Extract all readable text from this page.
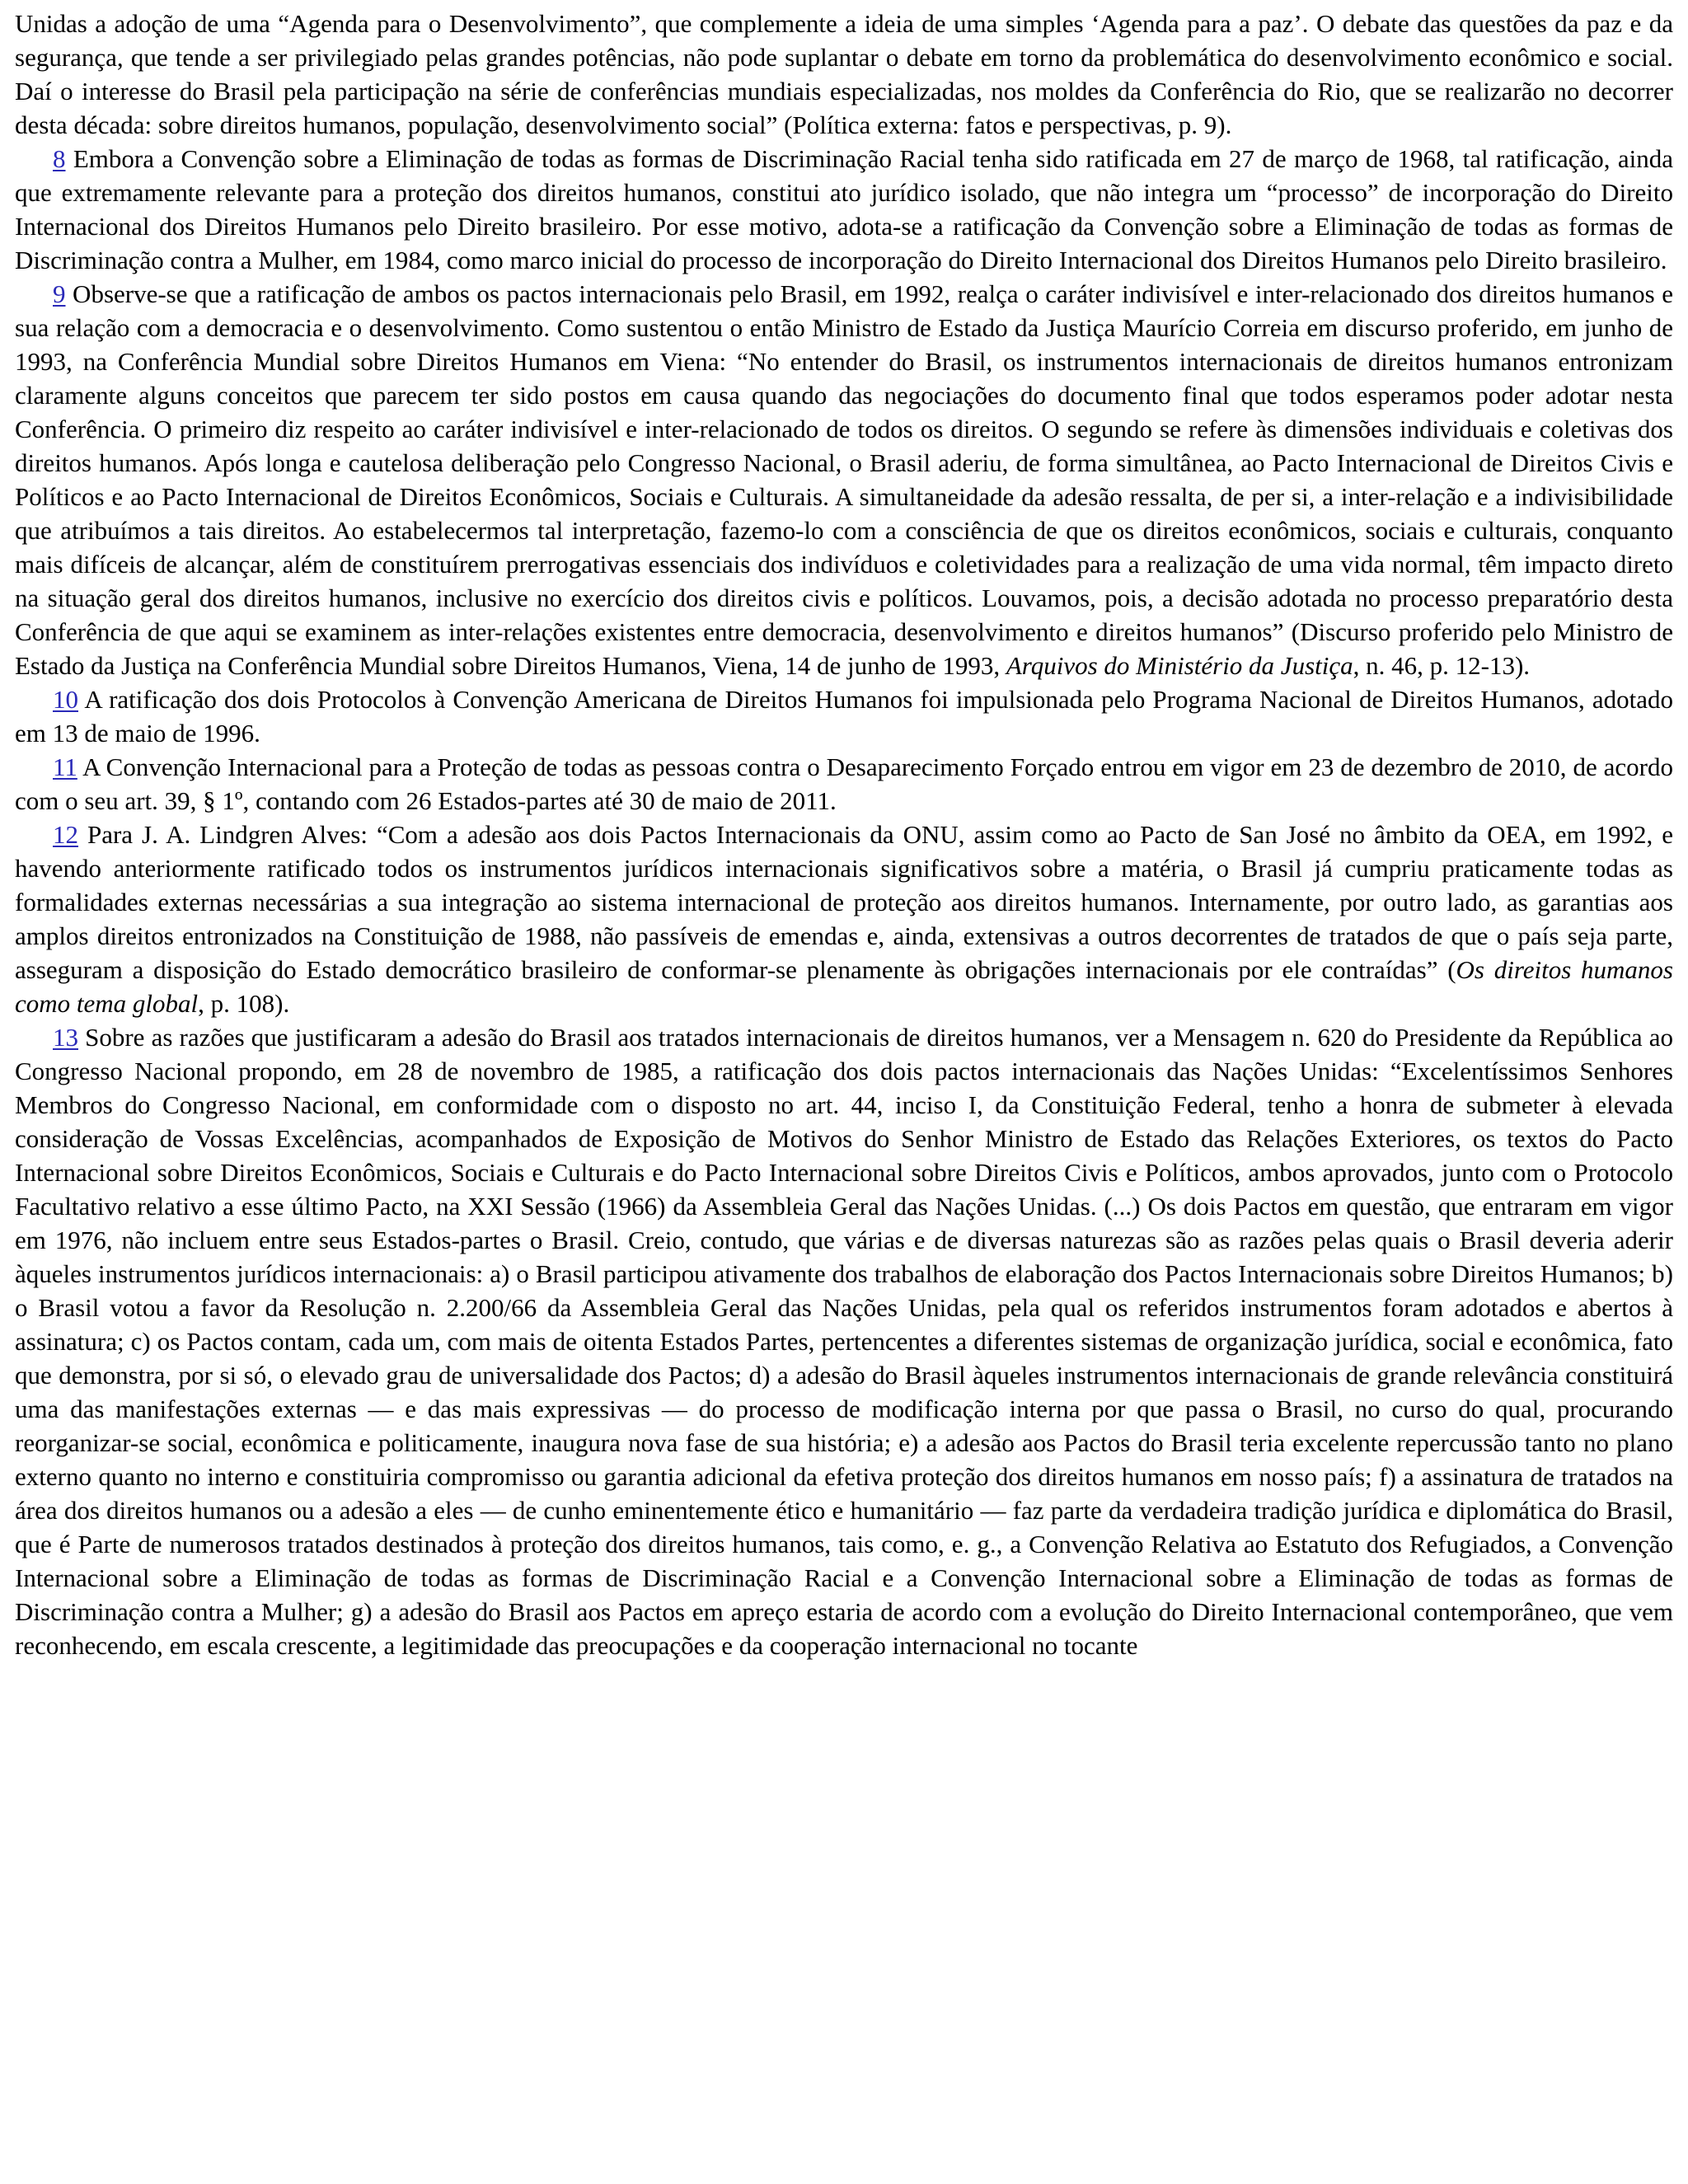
Unidas a adoção de uma “Agenda para o Desenvolvimento”, que complemente a ideia de uma simples ‘Agenda para a paz’. O debate das questões da paz e da segurança, que tende a ser privilegiado pelas grandes potências, não pode suplantar o debate em torno da problemática do desenvolvimento econômico e social. Daí o interesse do Brasil pela participação na série de conferências mundiais especializadas, nos moldes da Conferência do Rio, que se realizarão no decorrer desta década: sobre direitos humanos, população, desenvolvimento social” (Política externa: fatos e perspectivas, p. 9).

8 Embora a Convenção sobre a Eliminação de todas as formas de Discriminação Racial tenha sido ratificada em 27 de março de 1968, tal ratificação, ainda que extremamente relevante para a proteção dos direitos humanos, constitui ato jurídico isolado, que não integra um “processo” de incorporação do Direito Internacional dos Direitos Humanos pelo Direito brasileiro. Por esse motivo, adota-se a ratificação da Convenção sobre a Eliminação de todas as formas de Discriminação contra a Mulher, em 1984, como marco inicial do processo de incorporação do Direito Internacional dos Direitos Humanos pelo Direito brasileiro.

9 Observe-se que a ratificação de ambos os pactos internacionais pelo Brasil, em 1992, realça o caráter indivisível e inter-relacionado dos direitos humanos e sua relação com a democracia e o desenvolvimento. Como sustentou o então Ministro de Estado da Justiça Maurício Correia em discurso proferido, em junho de 1993, na Conferência Mundial sobre Direitos Humanos em Viena: “No entender do Brasil, os instrumentos internacionais de direitos humanos entronizam claramente alguns conceitos que parecem ter sido postos em causa quando das negociações do documento final que todos esperamos poder adotar nesta Conferência. O primeiro diz respeito ao caráter indivisível e inter-relacionado de todos os direitos. O segundo se refere às dimensões individuais e coletivas dos direitos humanos. Após longa e cautelosa deliberação pelo Congresso Nacional, o Brasil aderiu, de forma simultânea, ao Pacto Internacional de Direitos Civis e Políticos e ao Pacto Internacional de Direitos Econômicos, Sociais e Culturais. A simultaneidade da adesão ressalta, de per si, a inter-relação e a indivisibilidade que atribuímos a tais direitos. Ao estabelecermos tal interpretação, fazemo-lo com a consciência de que os direitos econômicos, sociais e culturais, conquanto mais difíceis de alcançar, além de constituírem prerrogativas essenciais dos indivíduos e coletividades para a realização de uma vida normal, têm impacto direto na situação geral dos direitos humanos, inclusive no exercício dos direitos civis e políticos. Louvamos, pois, a decisão adotada no processo preparatório desta Conferência de que aqui se examinem as inter-relações existentes entre democracia, desenvolvimento e direitos humanos” (Discurso proferido pelo Ministro de Estado da Justiça na Conferência Mundial sobre Direitos Humanos, Viena, 14 de junho de 1993, Arquivos do Ministério da Justiça, n. 46, p. 12-13).

10 A ratificação dos dois Protocolos à Convenção Americana de Direitos Humanos foi impulsionada pelo Programa Nacional de Direitos Humanos, adotado em 13 de maio de 1996.

11 A Convenção Internacional para a Proteção de todas as pessoas contra o Desaparecimento Forçado entrou em vigor em 23 de dezembro de 2010, de acordo com o seu art. 39, § 1º, contando com 26 Estados-partes até 30 de maio de 2011.

12 Para J. A. Lindgren Alves: “Com a adesão aos dois Pactos Internacionais da ONU, assim como ao Pacto de San José no âmbito da OEA, em 1992, e havendo anteriormente ratificado todos os instrumentos jurídicos internacionais significativos sobre a matéria, o Brasil já cumpriu praticamente todas as formalidades externas necessárias a sua integração ao sistema internacional de proteção aos direitos humanos. Internamente, por outro lado, as garantias aos amplos direitos entronizados na Constituição de 1988, não passíveis de emendas e, ainda, extensivas a outros decorrentes de tratados de que o país seja parte, asseguram a disposição do Estado democrático brasileiro de conformar-se plenamente às obrigações internacionais por ele contraídas” (Os direitos humanos como tema global, p. 108).

13 Sobre as razões que justificaram a adesão do Brasil aos tratados internacionais de direitos humanos, ver a Mensagem n. 620 do Presidente da República ao Congresso Nacional propondo, em 28 de novembro de 1985, a ratificação dos dois pactos internacionais das Nações Unidas: “Excelentíssimos Senhores Membros do Congresso Nacional, em conformidade com o disposto no art. 44, inciso I, da Constituição Federal, tenho a honra de submeter à elevada consideração de Vossas Excelências, acompanhados de Exposição de Motivos do Senhor Ministro de Estado das Relações Exteriores, os textos do Pacto Internacional sobre Direitos Econômicos, Sociais e Culturais e do Pacto Internacional sobre Direitos Civis e Políticos, ambos aprovados, junto com o Protocolo Facultativo relativo a esse último Pacto, na XXI Sessão (1966) da Assembleia Geral das Nações Unidas. (...) Os dois Pactos em questão, que entraram em vigor em 1976, não incluem entre seus Estados-partes o Brasil. Creio, contudo, que várias e de diversas naturezas são as razões pelas quais o Brasil deveria aderir àqueles instrumentos jurídicos internacionais: a) o Brasil participou ativamente dos trabalhos de elaboração dos Pactos Internacionais sobre Direitos Humanos; b) o Brasil votou a favor da Resolução n. 2.200/66 da Assembleia Geral das Nações Unidas, pela qual os referidos instrumentos foram adotados e abertos à assinatura; c) os Pactos contam, cada um, com mais de oitenta Estados Partes, pertencentes a diferentes sistemas de organização jurídica, social e econômica, fato que demonstra, por si só, o elevado grau de universalidade dos Pactos; d) a adesão do Brasil àqueles instrumentos internacionais de grande relevância constituirá uma das manifestações externas — e das mais expressivas — do processo de modificação interna por que passa o Brasil, no curso do qual, procurando reorganizar-se social, econômica e politicamente, inaugura nova fase de sua história; e) a adesão aos Pactos do Brasil teria excelente repercussão tanto no plano externo quanto no interno e constituiria compromisso ou garantia adicional da efetiva proteção dos direitos humanos em nosso país; f) a assinatura de tratados na área dos direitos humanos ou a adesão a eles — de cunho eminentemente ético e humanitário — faz parte da verdadeira tradição jurídica e diplomática do Brasil, que é Parte de numerosos tratados destinados à proteção dos direitos humanos, tais como, e. g., a Convenção Relativa ao Estatuto dos Refugiados, a Convenção Internacional sobre a Eliminação de todas as formas de Discriminação Racial e a Convenção Internacional sobre a Eliminação de todas as formas de Discriminação contra a Mulher; g) a adesão do Brasil aos Pactos em apreço estaria de acordo com a evolução do Direito Internacional contemporâneo, que vem reconhecendo, em escala crescente, a legitimidade das preocupações e da cooperação internacional no tocante
